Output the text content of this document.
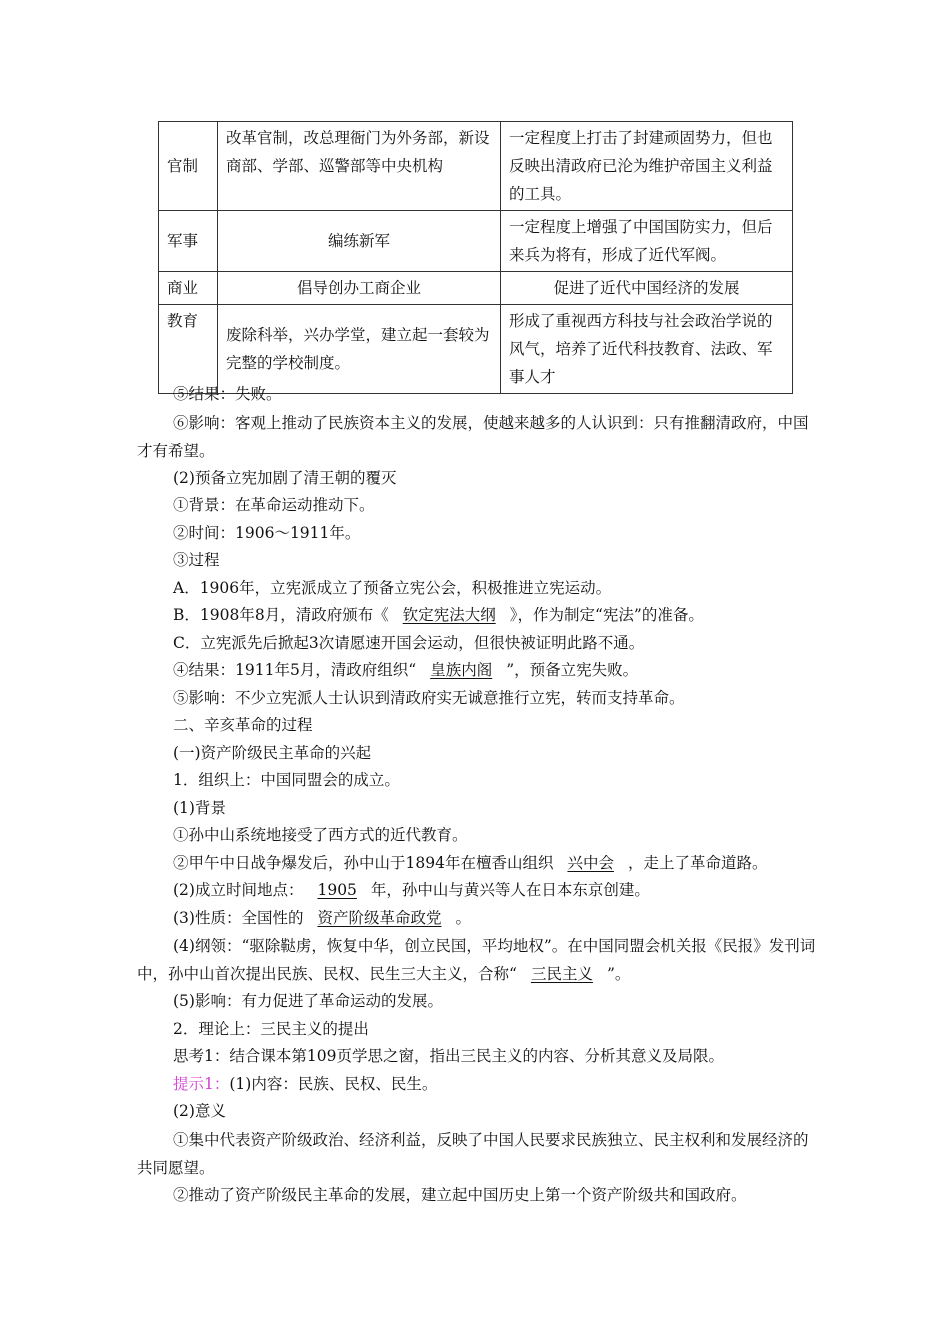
官制	改革官制，改总理衙门为外务部，新设商部、学部、巡警部等中央机构	一定程度上打击了封建顽固势力，但也反映出清政府已沦为维护帝国主义利益的工具。
军事	编练新军	一定程度上增强了中国国防实力，但后来兵为将有，形成了近代军阀。
商业	倡导创办工商企业	促进了近代中国经济的发展
教育	废除科举，兴办学堂，建立起一套较为完整的学校制度。	形成了重视西方科技与社会政治学说的风气，培养了近代科技教育、法政、军事人才
⑤结果：失败。
⑥影响：客观上推动了民族资本主义的发展，使越来越多的人认识到：只有推翻清政府，中国才有希望。
(2)预备立宪加剧了清王朝的覆灭
①背景：在革命运动推动下。
②时间：1906～1911年。
③过程
A．1906年，立宪派成立了预备立宪公会，积极推进立宪运动。
B．1908年8月，清政府颁布《 钦定宪法大纲 》，作为制定“宪法”的准备。
C．立宪派先后掀起3次请愿速开国会运动，但很快被证明此路不通。
④结果：1911年5月，清政府组织“ 皇族内阁 ”，预备立宪失败。
⑤影响：不少立宪派人士认识到清政府实无诚意推行立宪，转而支持革命。
二、辛亥革命的过程
(一)资产阶级民主革命的兴起
1．组织上：中国同盟会的成立。
(1)背景
①孙中山系统地接受了西方式的近代教育。
②甲午中日战争爆发后，孙中山于1894年在檀香山组织 兴中会 ，走上了革命道路。
(2)成立时间地点： 1905 年，孙中山与黄兴等人在日本东京创建。
(3)性质：全国性的 资产阶级革命政党 。
(4)纲领：“驱除鞑虏，恢复中华，创立民国，平均地权”。在中国同盟会机关报《民报》发刊词中，孙中山首次提出民族、民权、民生三大主义，合称“ 三民主义 ”。
(5)影响：有力促进了革命运动的发展。
2．理论上：三民主义的提出
思考1：结合课本第109页学思之窗，指出三民主义的内容、分析其意义及局限。
提示1：(1)内容：民族、民权、民生。
(2)意义
①集中代表资产阶级政治、经济利益，反映了中国人民要求民族独立、民主权利和发展经济的共同愿望。
②推动了资产阶级民主革命的发展，建立起中国历史上第一个资产阶级共和国政府。
